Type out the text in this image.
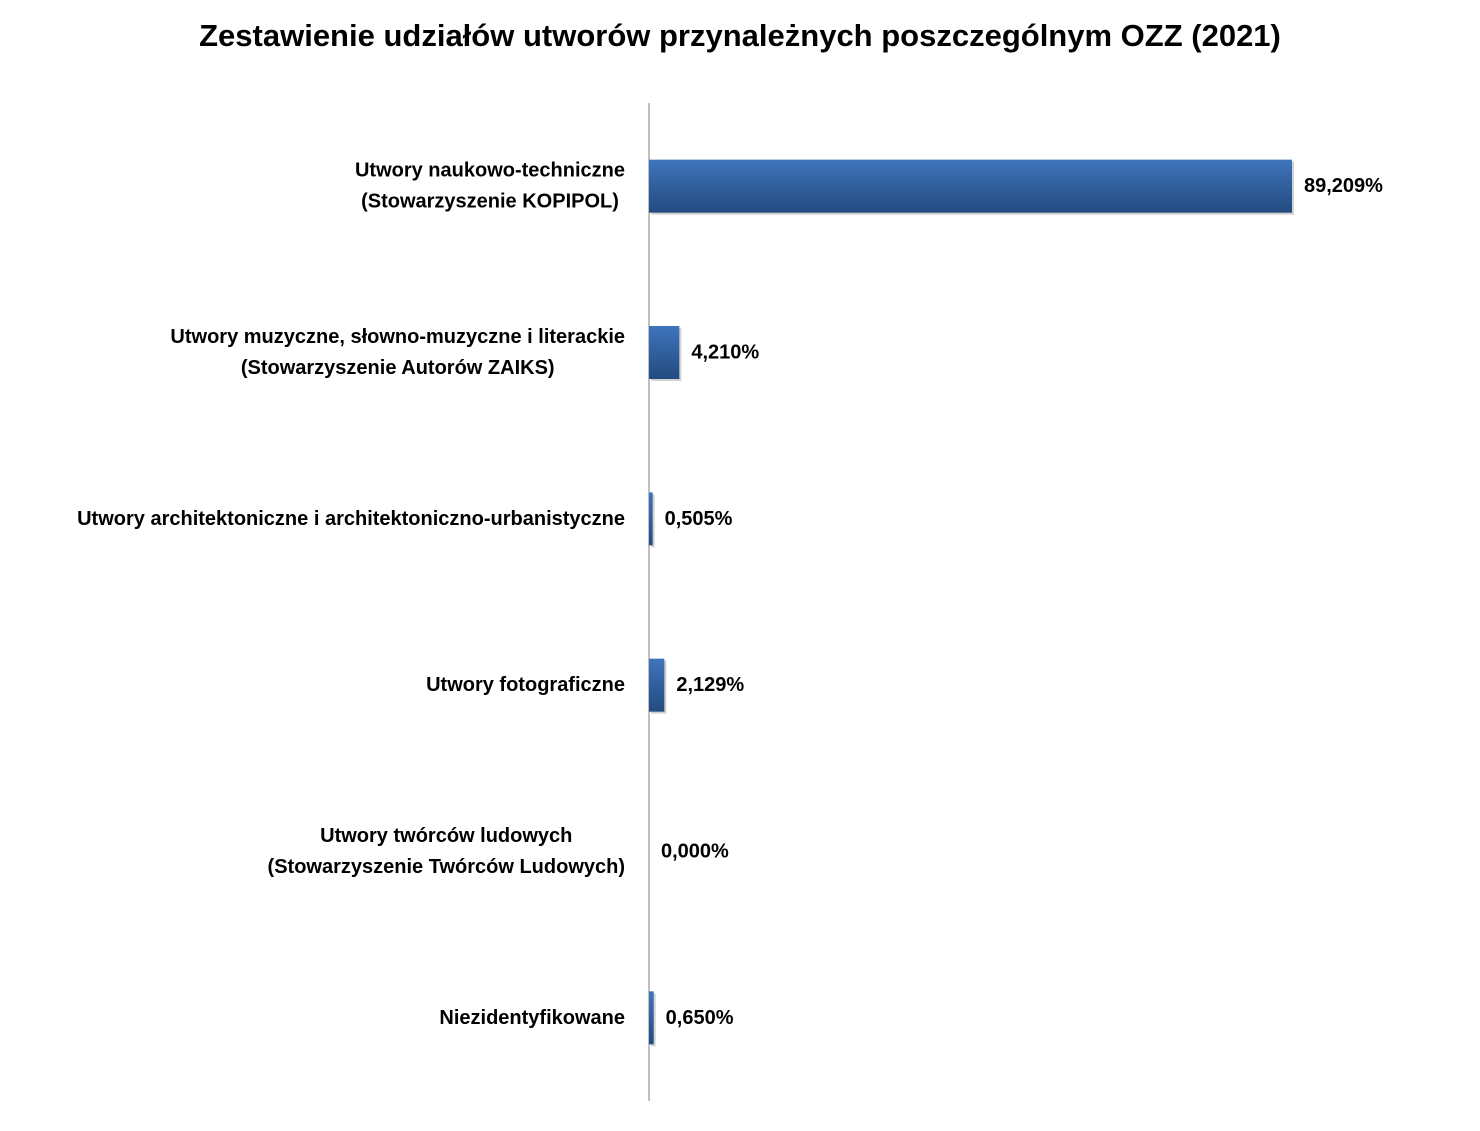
Zestawienie udziałów utworów przynależnych poszczególnym OZZ (2021)
89,209%
Utwory naukowo-techniczne (Stowarzyszenie KOPIPOL)
4,210%
Utwory muzyczne, słowno-muzyczne i literackie (Stowarzyszenie Autorów ZAIKS)
0,505%
Utwory architektoniczne i architektoniczno-urbanistyczne
2,129%
Utwory fotograficzne
0,000%
Utwory twórców ludowych (Stowarzyszenie Twórców Ludowych)
0,650%
Niezidentyfikowane
